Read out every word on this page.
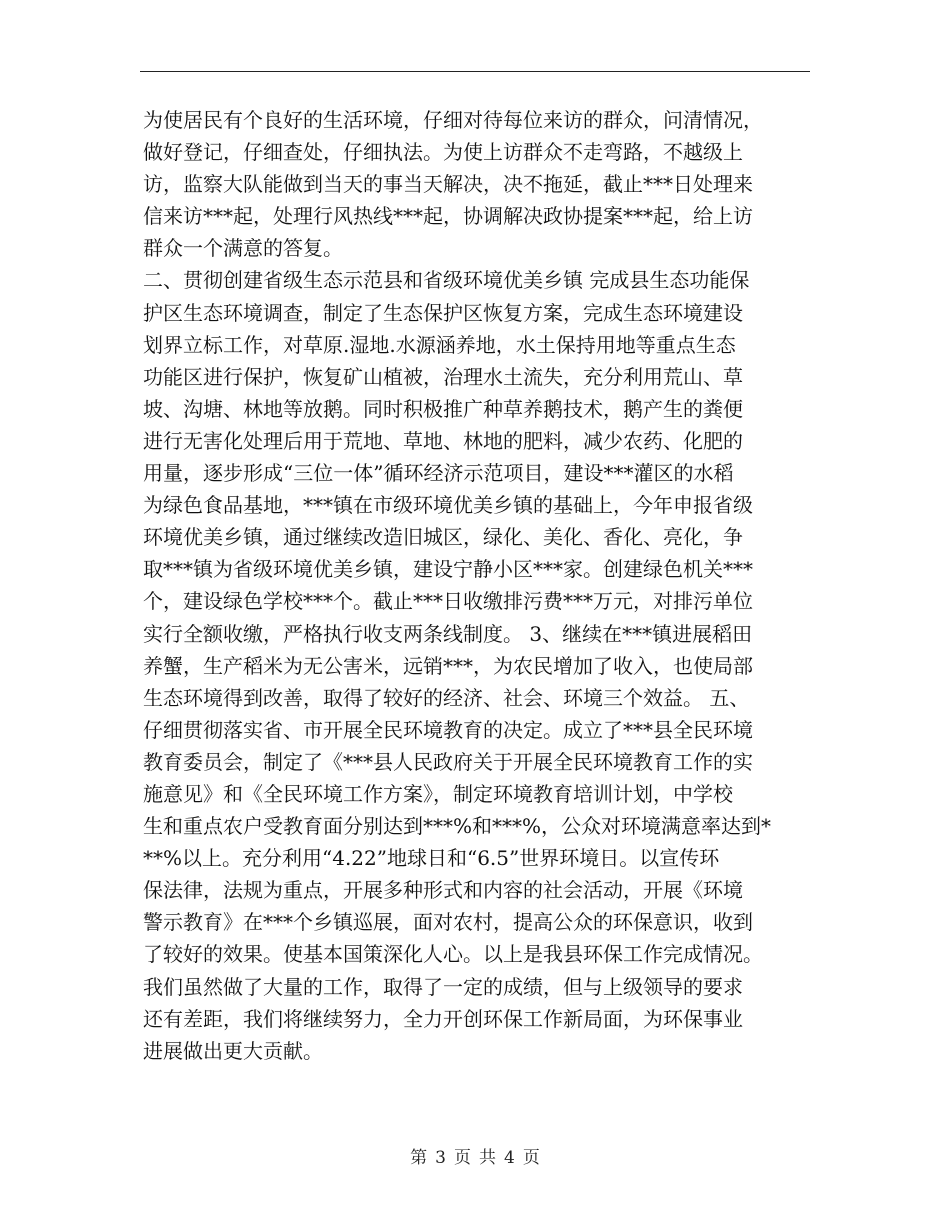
为使居民有个良好的生活环境，仔细对待每位来访的群众，问清情况，
做好登记，仔细查处，仔细执法。为使上访群众不走弯路，不越级上
访，监察大队能做到当天的事当天解决，决不拖延，截止***日处理来
信来访***起，处理行风热线***起，协调解决政协提案***起，给上访
群众一个满意的答复。
二、贯彻创建省级生态示范县和省级环境优美乡镇 完成县生态功能保
护区生态环境调查，制定了生态保护区恢复方案，完成生态环境建设
划界立标工作，对草原.湿地.水源涵养地，水土保持用地等重点生态
功能区进行保护，恢复矿山植被，治理水土流失，充分利用荒山、草
坡、沟塘、林地等放鹅。同时积极推广种草养鹅技术，鹅产生的粪便
进行无害化处理后用于荒地、草地、林地的肥料，减少农药、化肥的
用量，逐步形成“三位一体”循环经济示范项目，建设***灌区的水稻
为绿色食品基地，***镇在市级环境优美乡镇的基础上，今年申报省级
环境优美乡镇，通过继续改造旧城区，绿化、美化、香化、亮化，争
取***镇为省级环境优美乡镇，建设宁静小区***家。创建绿色机关***
个，建设绿色学校***个。截止***日收缴排污费***万元，对排污单位
实行全额收缴，严格执行收支两条线制度。 3、继续在***镇进展稻田
养蟹，生产稻米为无公害米，远销***，为农民增加了收入，也使局部
生态环境得到改善，取得了较好的经济、社会、环境三个效益。 五、
仔细贯彻落实省、市开展全民环境教育的决定。成立了***县全民环境
教育委员会，制定了《***县人民政府关于开展全民环境教育工作的实
施意见》和《全民环境工作方案》，制定环境教育培训计划，中学校
生和重点农户受教育面分别达到***%和***%，公众对环境满意率达到*
**%以上。充分利用“4.22”地球日和“6.5”世界环境日。以宣传环
保法律，法规为重点，开展多种形式和内容的社会活动，开展《环境
警示教育》在***个乡镇巡展，面对农村，提高公众的环保意识，收到
了较好的效果。使基本国策深化人心。以上是我县环保工作完成情况。
我们虽然做了大量的工作，取得了一定的成绩，但与上级领导的要求
还有差距，我们将继续努力，全力开创环保工作新局面，为环保事业
进展做出更大贡献。
第 3 页 共 4 页
